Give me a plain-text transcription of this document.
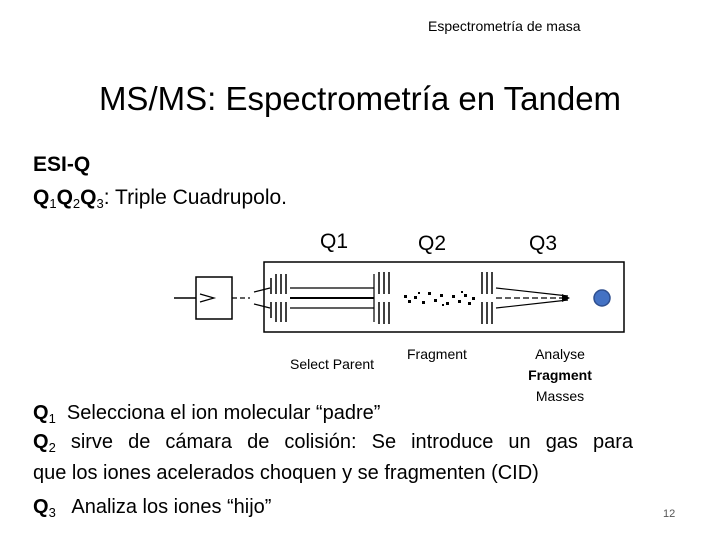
Espectrometría de masa
MS/MS: Espectrometría en Tandem
ESI-Q
$Q_1Q_2Q_3$: Triple Cuadrupolo.
Q1	Q2	Q3
Select Parent
Fragment	Analyse
Fragment
Masses
$Q_1$  Selecciona el ion molecular “padre”
$Q_2$ sirve de cámara de colisión: Se introduce un gas para
que los iones acelerados choquen y se fragmenten (CID)
$Q_3$   Analiza los iones “hijo”	12
